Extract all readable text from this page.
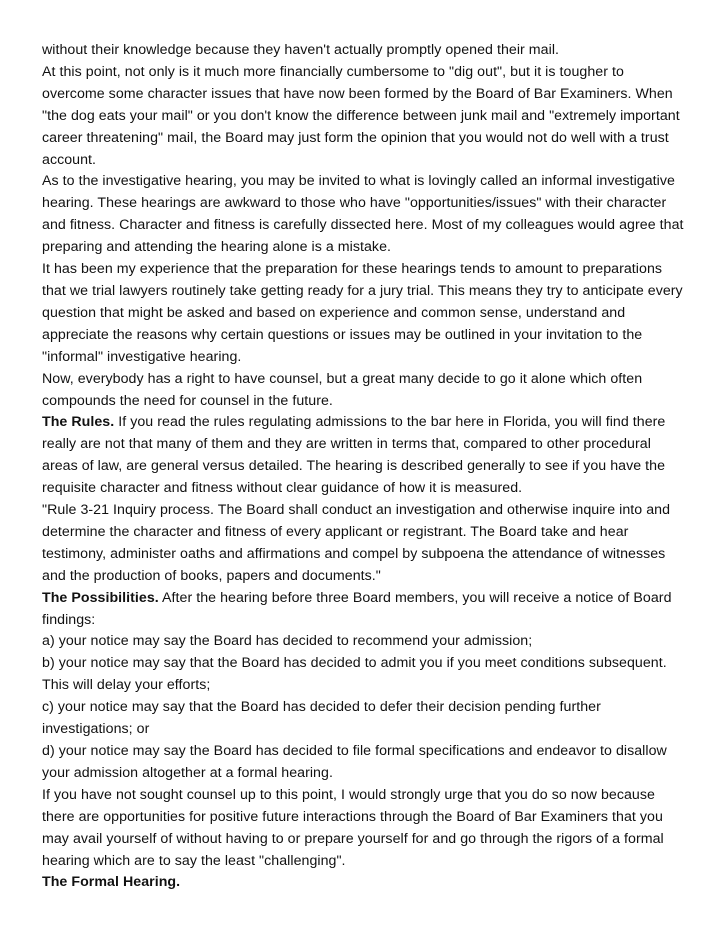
without their knowledge because they haven't actually promptly opened their mail.

At this point, not only is it much more financially cumbersome to "dig out", but it is tougher to

overcome some character issues that have now been formed by the Board of Bar Examiners. When

"the dog eats your mail" or you don't know the difference between junk mail and "extremely important

career threatening" mail, the Board may just form the opinion that you would not do well with a trust

account.

As to the investigative hearing, you may be invited to what is lovingly called an informal investigative

hearing. These hearings are awkward to those who have "opportunities/issues" with their character

and fitness. Character and fitness is carefully dissected here. Most of my colleagues would agree that

preparing and attending the hearing alone is a mistake.

It has been my experience that the preparation for these hearings tends to amount to preparations

that we trial lawyers routinely take getting ready for a jury trial. This means they try to anticipate every

question that might be asked and based on experience and common sense, understand and

appreciate the reasons why certain questions or issues may be outlined in your invitation to the

"informal" investigative hearing.

Now, everybody has a right to have counsel, but a great many decide to go it alone which often

compounds the need for counsel in the future.

The Rules. If you read the rules regulating admissions to the bar here in Florida, you will find there

really are not that many of them and they are written in terms that, compared to other procedural

areas of law, are general versus detailed. The hearing is described generally to see if you have the

requisite character and fitness without clear guidance of how it is measured.

"Rule 3-21 Inquiry process. The Board shall conduct an investigation and otherwise inquire into and

determine the character and fitness of every applicant or registrant. The Board take and hear

testimony, administer oaths and affirmations and compel by subpoena the attendance of witnesses

and the production of books, papers and documents."

The Possibilities. After the hearing before three Board members, you will receive a notice of Board

findings:

a) your notice may say the Board has decided to recommend your admission;

b) your notice may say that the Board has decided to admit you if you meet conditions subsequent.

This will delay your efforts;

c) your notice may say that the Board has decided to defer their decision pending further

investigations; or

d) your notice may say the Board has decided to file formal specifications and endeavor to disallow

your admission altogether at a formal hearing.

If you have not sought counsel up to this point, I would strongly urge that you do so now because

there are opportunities for positive future interactions through the Board of Bar Examiners that you

may avail yourself of without having to or prepare yourself for and go through the rigors of a formal

hearing which are to say the least "challenging".

The Formal Hearing.
